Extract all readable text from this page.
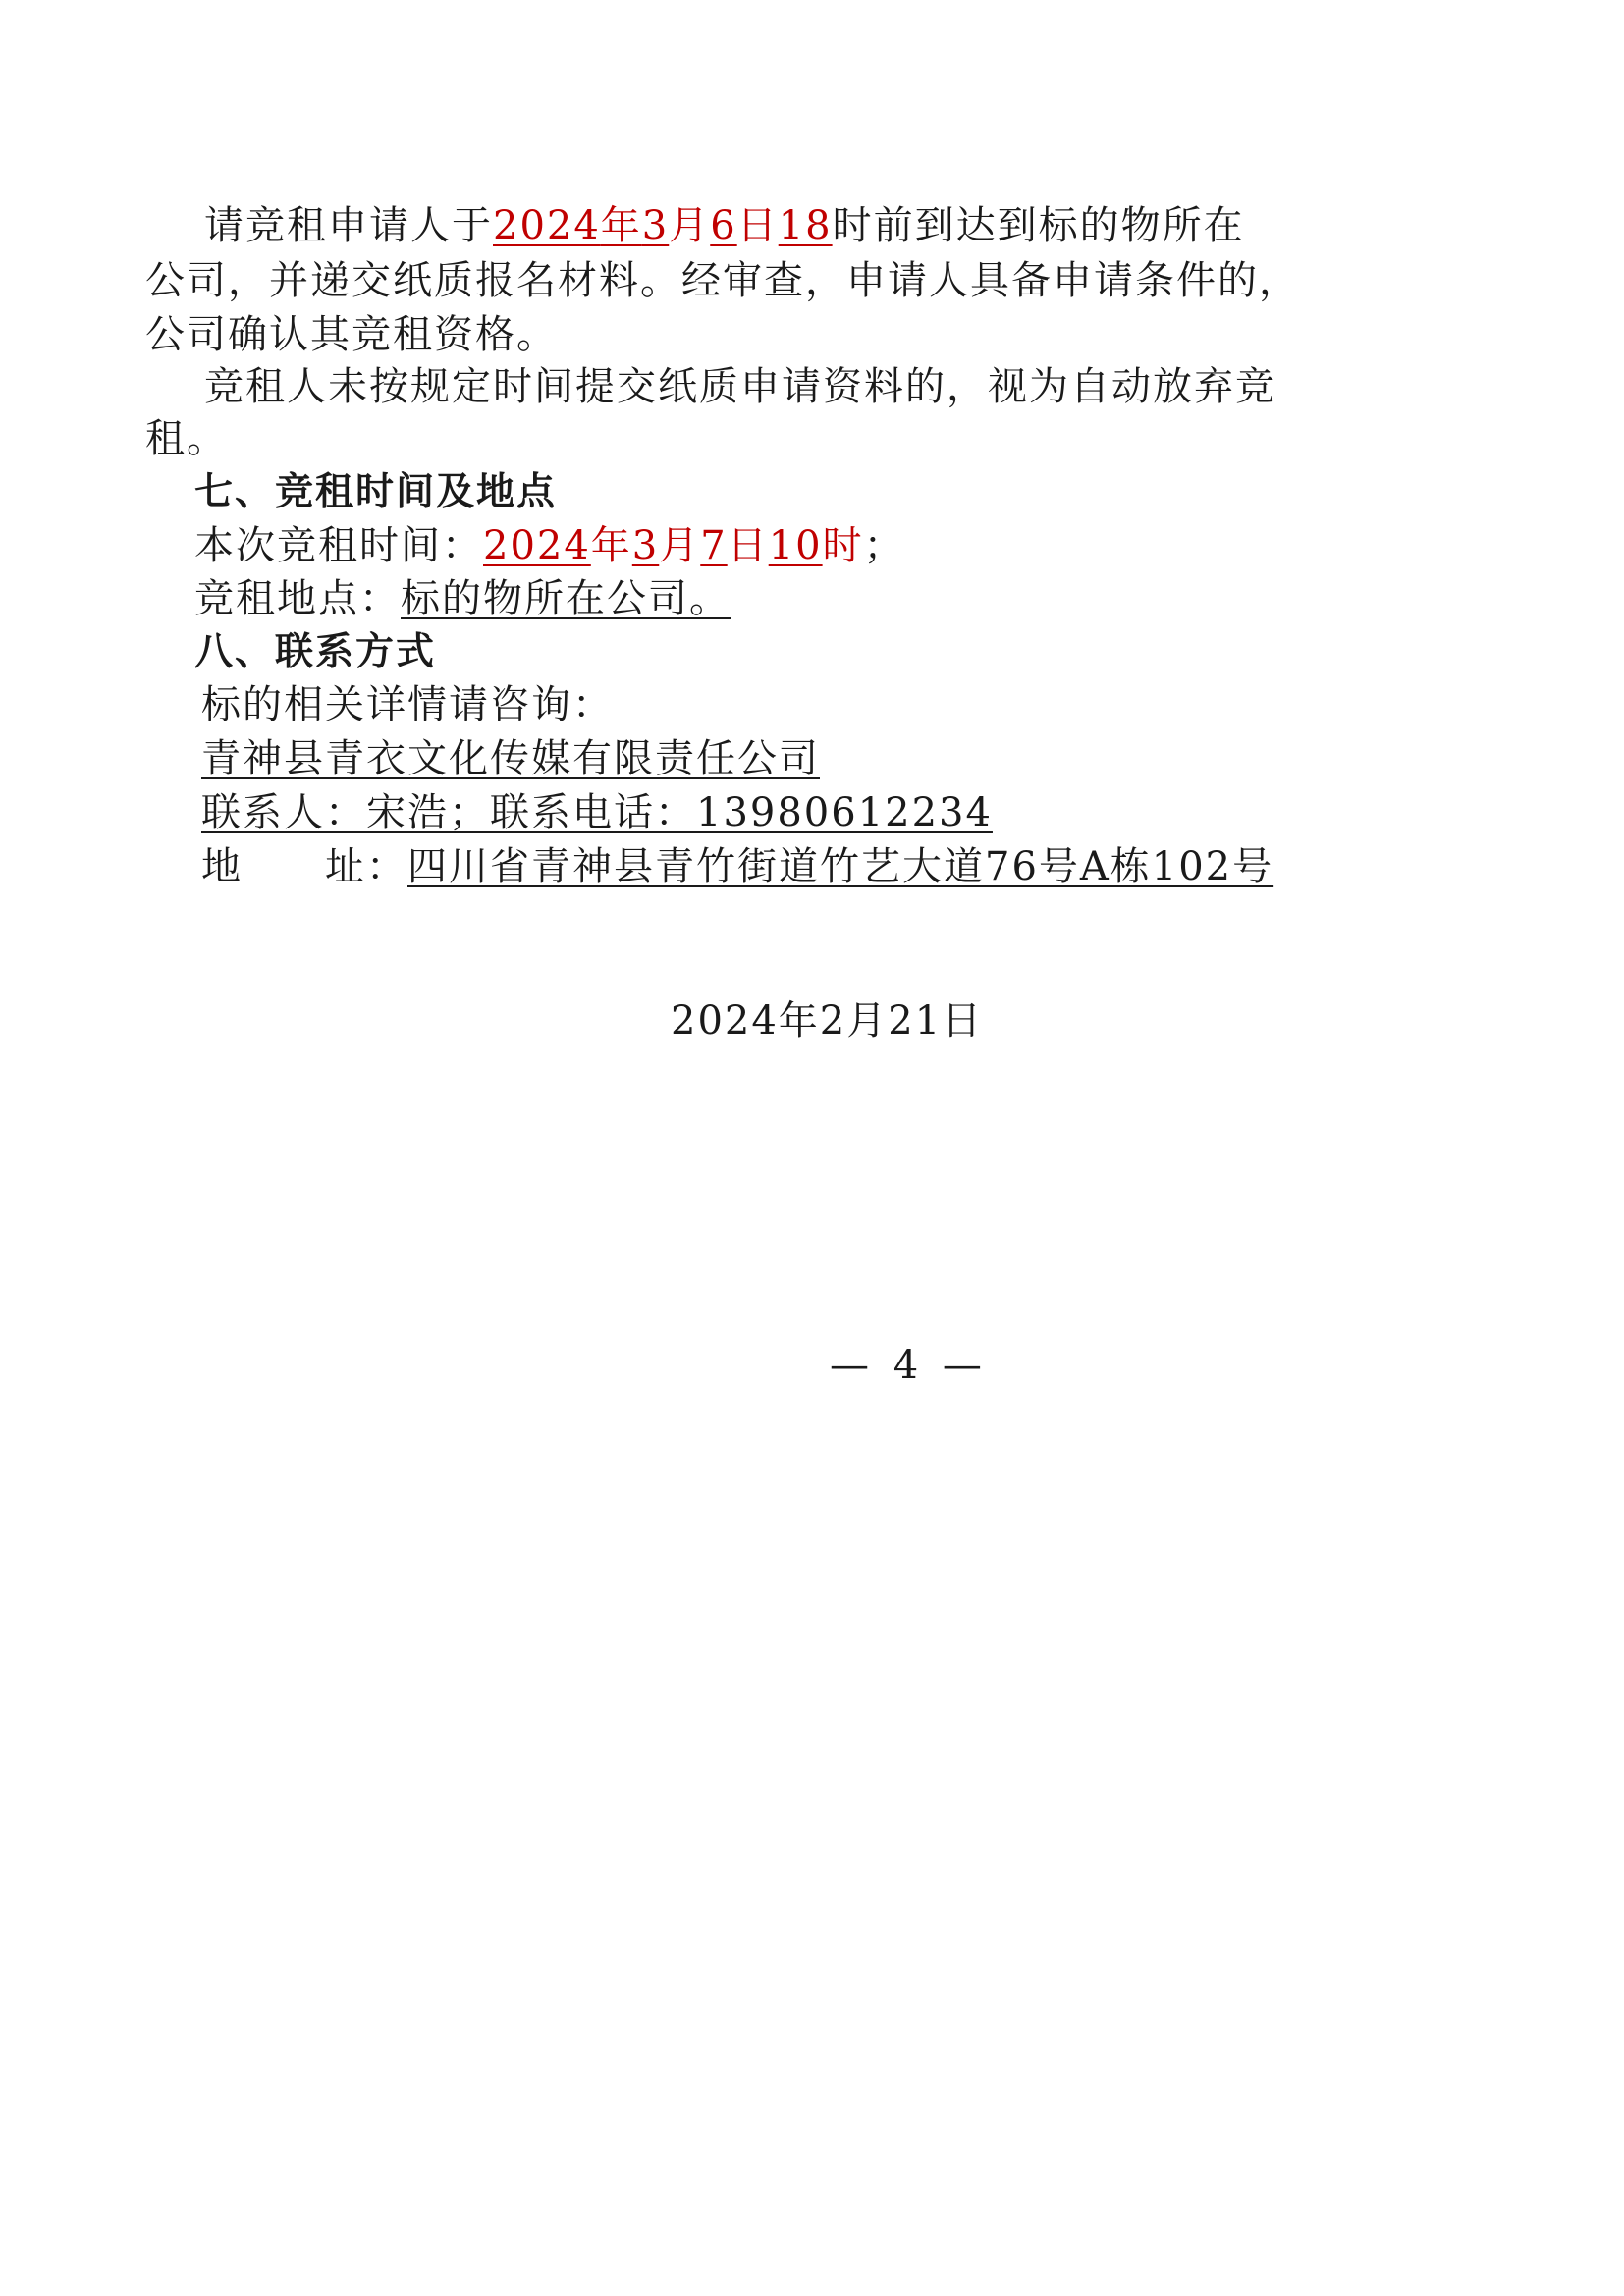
请竞租申请人于2024年3月6日18时前到达到标的物所在
公司，并递交纸质报名材料。经审查，申请人具备申请条件的，
公司确认其竞租资格。
竞租人未按规定时间提交纸质申请资料的，视为自动放弃竞
租。
七、竞租时间及地点
本次竞租时间：2024年3月7日10时；
竞租地点：标的物所在公司。
八、联系方式
标的相关详情请咨询：
青神县青衣文化传媒有限责任公司
联系人：宋浩；联系电话：13980612234
地　　址：四川省青神县青竹街道竹艺大道76号A栋102号
2024年2月21日
— 4 —
